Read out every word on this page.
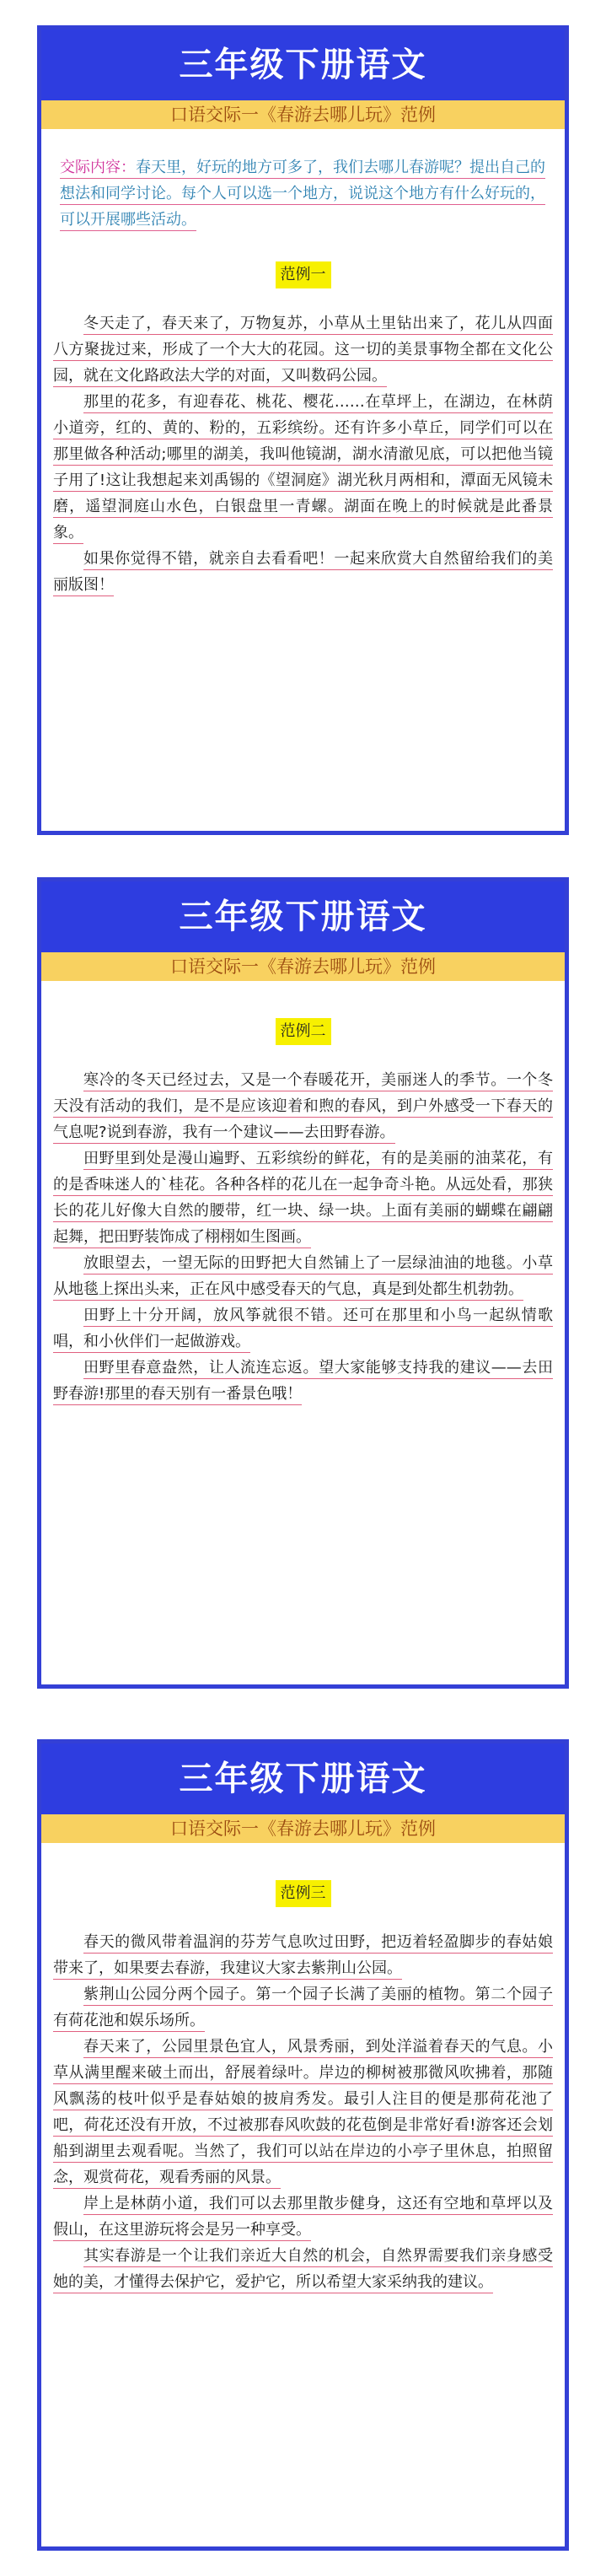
三年级下册语文
口语交际一《春游去哪儿玩》范例
交际内容：春天里，好玩的地方可多了，我们去哪儿春游呢？提出自己的想法和同学讨论。每个人可以选一个地方，说说这个地方有什么好玩的，可以开展哪些活动。
范例一

冬天走了，春天来了，万物复苏，小草从土里钻出来了，花儿从四面八方聚拢过来，形成了一个大大的花园。这一切的美景事物全都在文化公园，就在文化路政法大学的对面，又叫数码公园。

那里的花多，有迎春花、桃花、樱花……在草坪上，在湖边，在林荫小道旁，红的、黄的、粉的，五彩缤纷。还有许多小草丘，同学们可以在那里做各种活动;哪里的湖美，我叫他镜湖，湖水清澈见底，可以把他当镜子用了!这让我想起来刘禹锡的《望洞庭》湖光秋月两相和，潭面无风镜未磨，遥望洞庭山水色，白银盘里一青螺。湖面在晚上的时候就是此番景象。

如果你觉得不错，就亲自去看看吧！一起来欣赏大自然留给我们的美丽版图！

三年级下册语文
口语交际一《春游去哪儿玩》范例
范例二

寒冷的冬天已经过去，又是一个春暖花开，美丽迷人的季节。一个冬天没有活动的我们，是不是应该迎着和煦的春风，到户外感受一下春天的气息呢?说到春游，我有一个建议——去田野春游。

田野里到处是漫山遍野、五彩缤纷的鲜花，有的是美丽的油菜花，有的是香味迷人的`桂花。各种各样的花儿在一起争奇斗艳。从远处看，那狭长的花儿好像大自然的腰带，红一块、绿一块。上面有美丽的蝴蝶在翩翩起舞，把田野装饰成了栩栩如生图画。

放眼望去，一望无际的田野把大自然铺上了一层绿油油的地毯。小草从地毯上探出头来，正在风中感受春天的气息，真是到处都生机勃勃。

田野上十分开阔，放风筝就很不错。还可在那里和小鸟一起纵情歌唱，和小伙伴们一起做游戏。

田野里春意盎然，让人流连忘返。望大家能够支持我的建议——去田野春游!那里的春天别有一番景色哦！

三年级下册语文
口语交际一《春游去哪儿玩》范例
范例三

春天的微风带着温润的芬芳气息吹过田野，把迈着轻盈脚步的春姑娘带来了，如果要去春游，我建议大家去紫荆山公园。

紫荆山公园分两个园子。第一个园子长满了美丽的植物。第二个园子有荷花池和娱乐场所。

春天来了，公园里景色宜人，风景秀丽，到处洋溢着春天的气息。小草从满里醒来破土而出，舒展着绿叶。岸边的柳树被那微风吹拂着，那随风飘荡的枝叶似乎是春姑娘的披肩秀发。最引人注目的便是那荷花池了吧，荷花还没有开放，不过被那春风吹鼓的花苞倒是非常好看!游客还会划船到湖里去观看呢。当然了，我们可以站在岸边的小亭子里休息，拍照留念，观赏荷花，观看秀丽的风景。

岸上是林荫小道，我们可以去那里散步健身，这还有空地和草坪以及假山，在这里游玩将会是另一种享受。

其实春游是一个让我们亲近大自然的机会，自然界需要我们亲身感受她的美，才懂得去保护它，爱护它，所以希望大家采纳我的建议。
